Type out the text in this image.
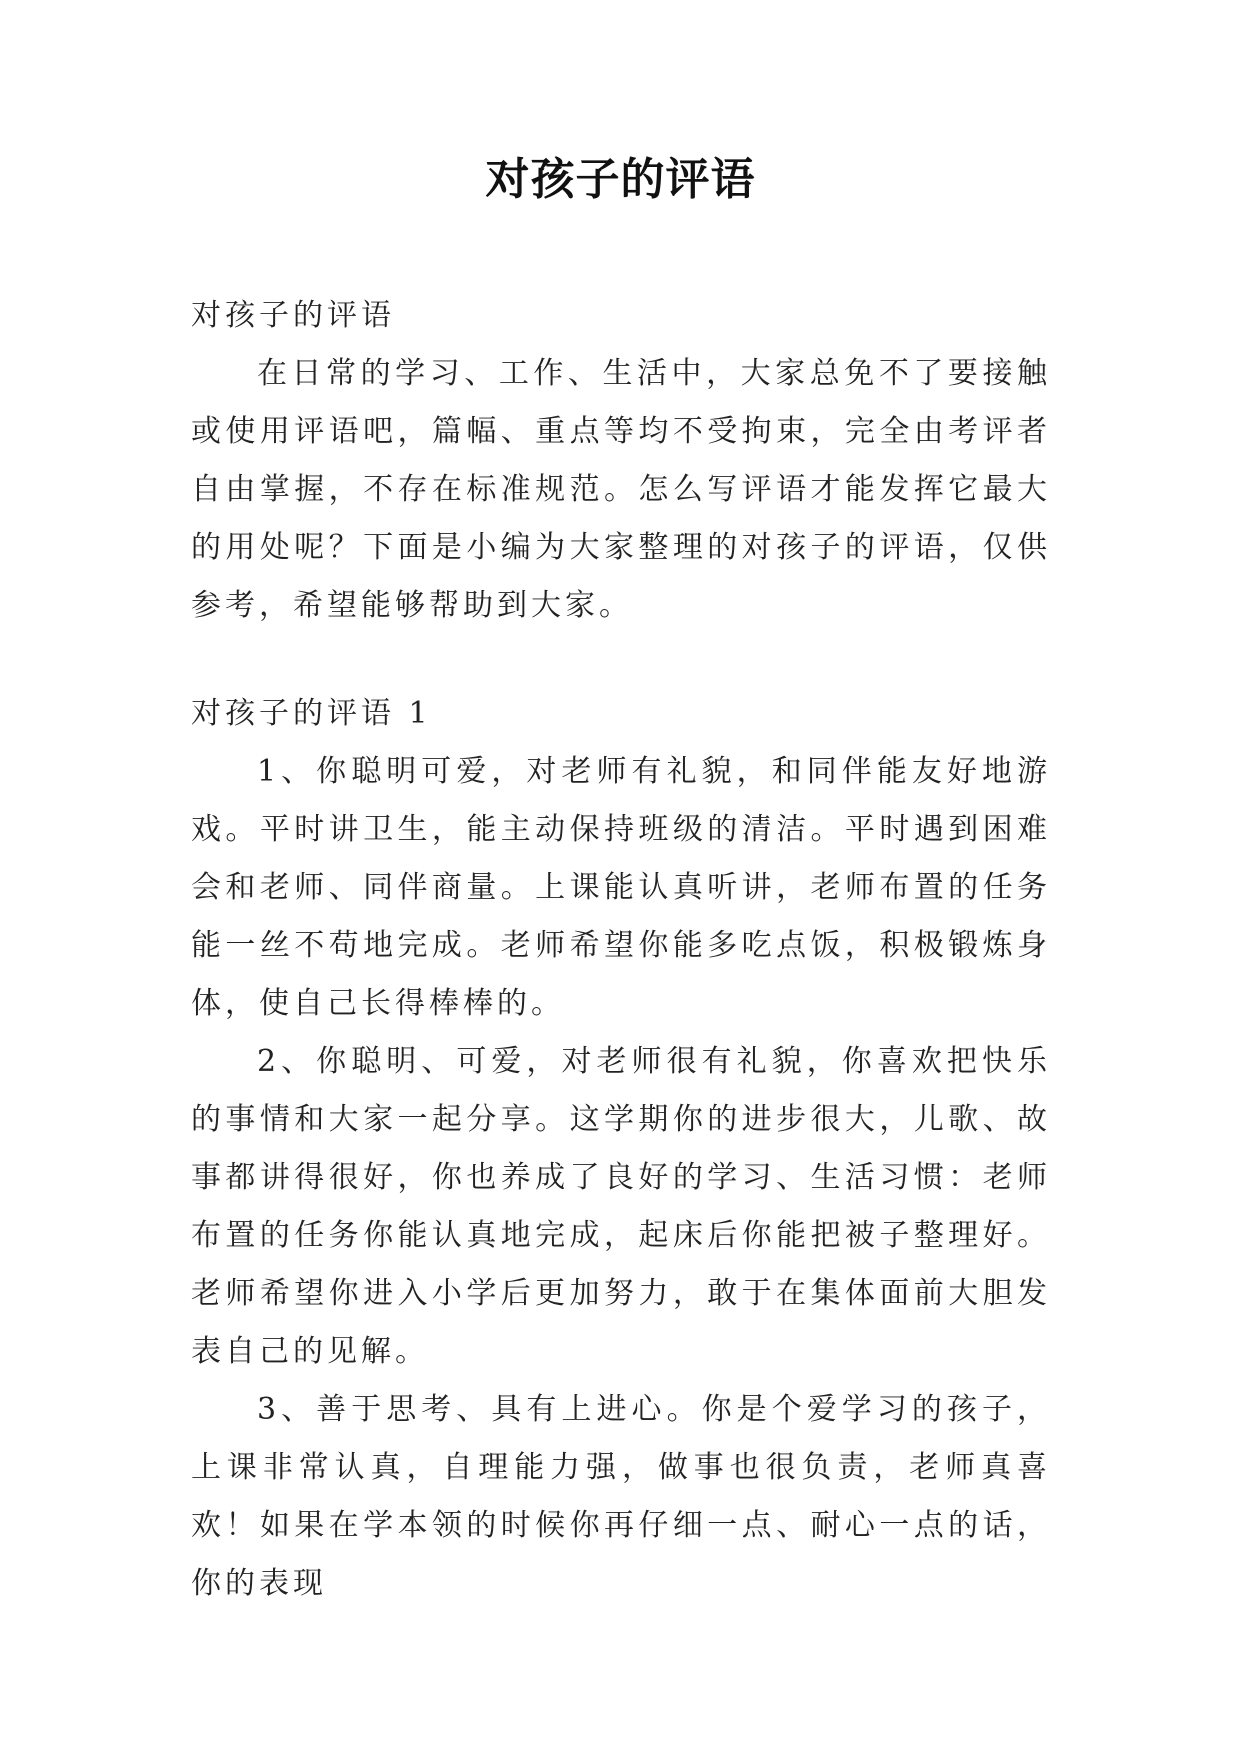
对孩子的评语

对孩子的评语

在日常的学习、工作、生活中，大家总免不了要接触或使用评语吧，篇幅、重点等均不受拘束，完全由考评者自由掌握，不存在标准规范。怎么写评语才能发挥它最大的用处呢？下面是小编为大家整理的对孩子的评语，仅供参考，希望能够帮助到大家。

对孩子的评语 1

1、你聪明可爱，对老师有礼貌，和同伴能友好地游戏。平时讲卫生，能主动保持班级的清洁。平时遇到困难会和老师、同伴商量。上课能认真听讲，老师布置的任务能一丝不苟地完成。老师希望你能多吃点饭，积极锻炼身体，使自己长得棒棒的。

2、你聪明、可爱，对老师很有礼貌，你喜欢把快乐的事情和大家一起分享。这学期你的进步很大，儿歌、故事都讲得很好，你也养成了良好的学习、生活习惯：老师布置的任务你能认真地完成，起床后你能把被子整理好。老师希望你进入小学后更加努力，敢于在集体面前大胆发表自己的见解。

3、善于思考、具有上进心。你是个爱学习的孩子，上课非常认真，自理能力强，做事也很负责，老师真喜欢！如果在学本领的时候你再仔细一点、耐心一点的话，你的表现
